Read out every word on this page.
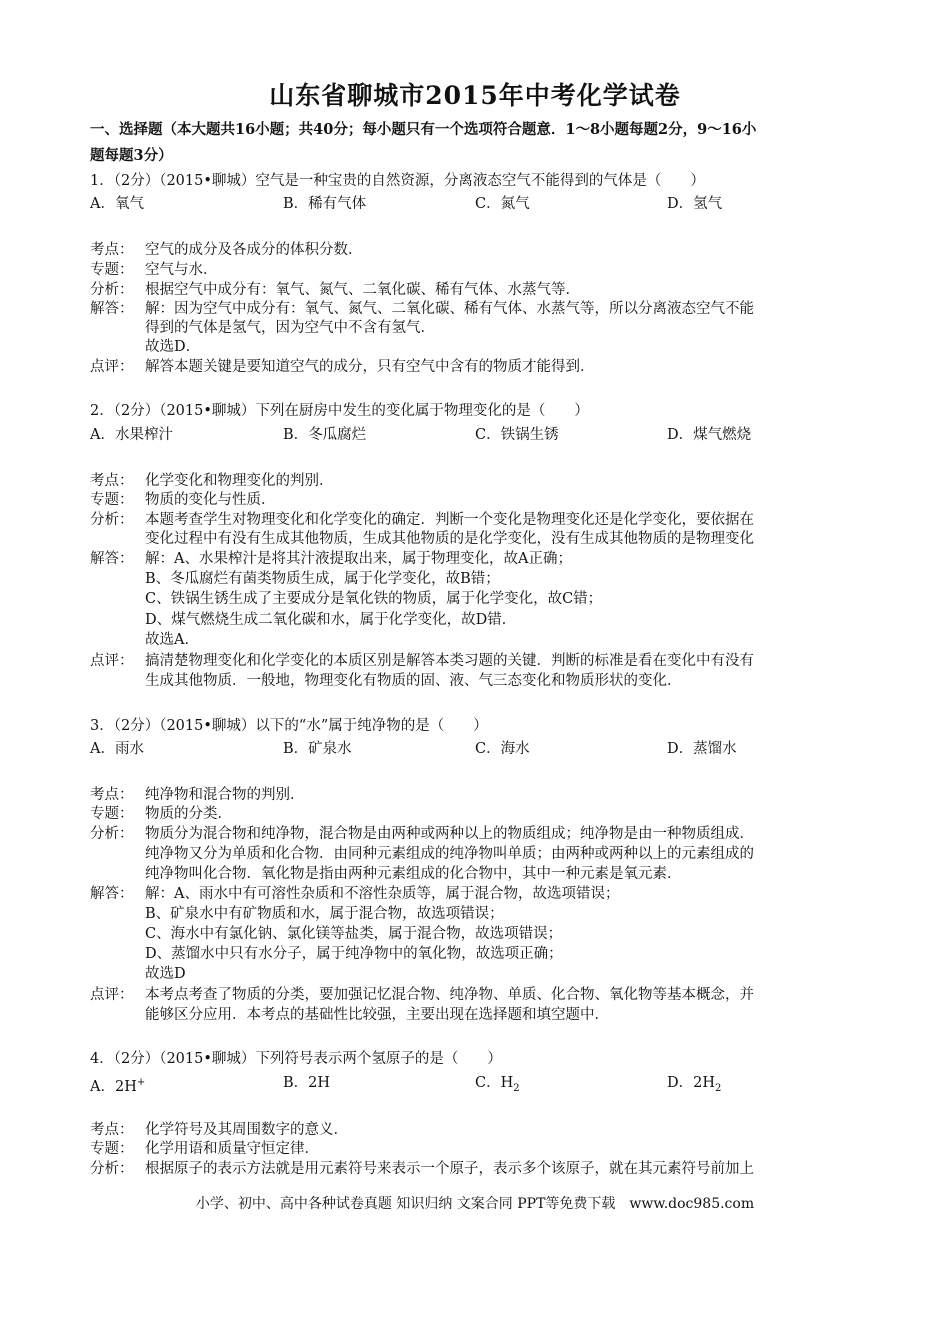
山东省聊城市2015年中考化学试卷
一、选择题（本大题共16小题；共40分；每小题只有一个选项符合题意．1～8小题每题2分，9～16小
题每题3分）
1．（2分）（2015•聊城）空气是一种宝贵的自然资源，分离液态空气不能得到的气体是（　　）
A．氧气	B．稀有气体	C．氮气	D．氢气
考点： 空气的成分及各成分的体积分数．
专题： 空气与水．
分析： 根据空气中成分有：氧气、氮气、二氧化碳、稀有气体、水蒸气等．
解答： 解：因为空气中成分有：氧气、氮气、二氧化碳、稀有气体、水蒸气等，所以分离液态空气不能
得到的气体是氢气，因为空气中不含有氢气．
故选D．
点评： 解答本题关键是要知道空气的成分，只有空气中含有的物质才能得到．
2．（2分）（2015•聊城）下列在厨房中发生的变化属于物理变化的是（　　）
A．水果榨汁	B．冬瓜腐烂	C．铁锅生锈	D．煤气燃烧
考点： 化学变化和物理变化的判别．
专题： 物质的变化与性质．
分析： 本题考查学生对物理变化和化学变化的确定．判断一个变化是物理变化还是化学变化，要依据在
变化过程中有没有生成其他物质，生成其他物质的是化学变化，没有生成其他物质的是物理变化
解答： 解：A、水果榨汁是将其汁液提取出来，属于物理变化，故A正确；
B、冬瓜腐烂有菌类物质生成，属于化学变化，故B错；
C、铁锅生锈生成了主要成分是氧化铁的物质，属于化学变化，故C错；
D、煤气燃烧生成二氧化碳和水，属于化学变化，故D错．
故选A．
点评： 搞清楚物理变化和化学变化的本质区别是解答本类习题的关键．判断的标准是看在变化中有没有
生成其他物质．一般地，物理变化有物质的固、液、气三态变化和物质形状的变化．
3．（2分）（2015•聊城）以下的“水”属于纯净物的是（　　）
A．雨水	B．矿泉水	C．海水	D．蒸馏水
考点： 纯净物和混合物的判别．
专题： 物质的分类．
分析： 物质分为混合物和纯净物，混合物是由两种或两种以上的物质组成；纯净物是由一种物质组成．
纯净物又分为单质和化合物．由同种元素组成的纯净物叫单质；由两种或两种以上的元素组成的
纯净物叫化合物．氧化物是指由两种元素组成的化合物中，其中一种元素是氧元素．
解答： 解：A、雨水中有可溶性杂质和不溶性杂质等，属于混合物，故选项错误；
B、矿泉水中有矿物质和水，属于混合物，故选项错误；
C、海水中有氯化钠、氯化镁等盐类，属于混合物，故选项错误；
D、蒸馏水中只有水分子，属于纯净物中的氧化物，故选项正确；
故选D
点评： 本考点考查了物质的分类，要加强记忆混合物、纯净物、单质、化合物、氧化物等基本概念，并
能够区分应用．本考点的基础性比较强，主要出现在选择题和填空题中．
4．（2分）（2015•聊城）下列符号表示两个氢原子的是（　　）
A．2H+	B．2H	C．$H_2$	D．$2H_2$
考点： 化学符号及其周围数字的意义．
专题： 化学用语和质量守恒定律．
分析： 根据原子的表示方法就是用元素符号来表示一个原子，表示多个该原子，就在其元素符号前加上
小学、初中、高中各种试卷真题 知识归纳 文案合同 PPT等免费下载　www.doc985.com
